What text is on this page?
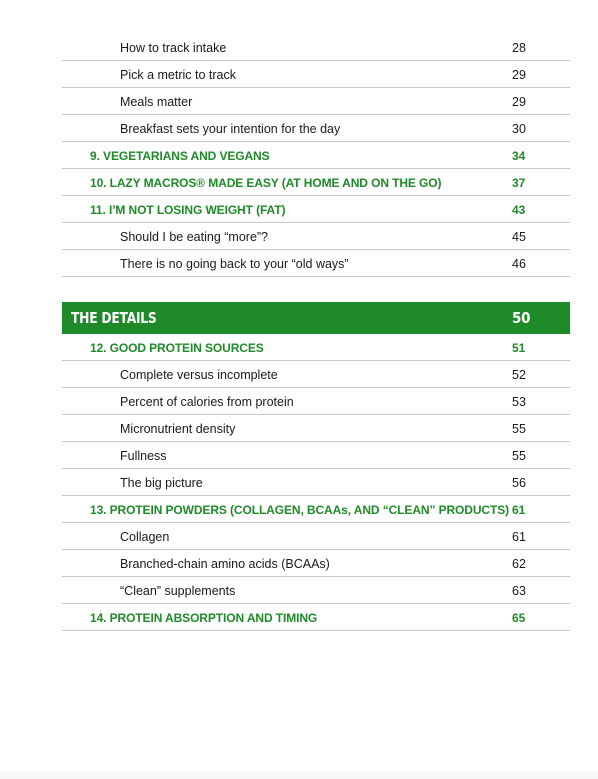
How to track intake	28
Pick a metric to track	29
Meals matter	29
Breakfast sets your intention for the day	30
9. VEGETARIANS AND VEGANS	34
10. LAZY MACROS® MADE EASY (AT HOME AND ON THE GO)	37
11. I’M NOT LOSING WEIGHT (FAT)	43
Should I be eating “more”?	45
There is no going back to your “old ways”	46
THE DETAILS	50
12. GOOD PROTEIN SOURCES	51
Complete versus incomplete	52
Percent of calories from protein	53
Micronutrient density	55
Fullness	55
The big picture	56
13. PROTEIN POWDERS (COLLAGEN, BCAAs, AND “CLEAN” PRODUCTS) 61
Collagen	61
Branched-chain amino acids (BCAAs)	62
“Clean” supplements	63
14. PROTEIN ABSORPTION AND TIMING	65
